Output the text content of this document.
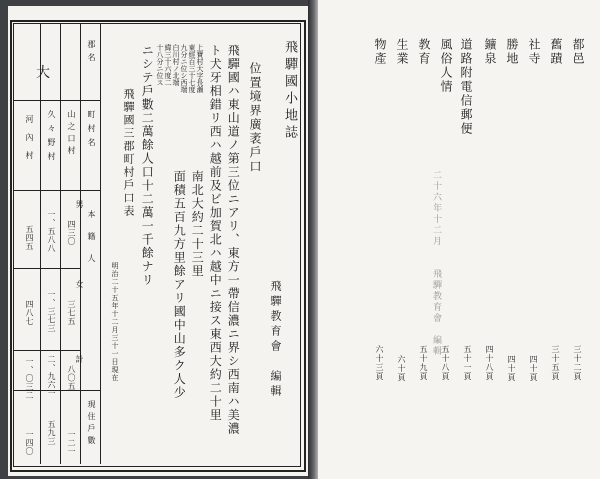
飛驒國小地誌
飛驒教育會　編輯
位置境界廣袤戶口
飛驒國ハ東山道ノ第三位ニアリ、東方一帶信濃ニ界シ西南ハ美濃
ト犬牙相錯リ西ハ越前及ビ加賀北ハ越中ニ接ス東西大約二十里
上寶村大字長瀨
東經百三十七度
九分ニ位シ西端
白川村ノ北端
緯三十六度二
十八分ニ位ス
南北大約二十三里
面積五百九方里餘アリ國中山多ク人少
ニシテ戶數二萬餘人口十二萬一千餘ナリ
飛驒國三郡町村戶口表
明治二十五年十二月三十一日現在
郡名
町村名
本籍人
現住戶數
男
女
計
大
山之口村
四三〇
三七五
八〇五
一二一
久々野村
一、五八八
一、三七三
二、九六一
五九三
河內村
五四五
四八七
一、〇三二
一四〇
二十六年十二月　　飛驒教育會　編輯
都邑
三十二頁
舊蹟
三十五頁
社寺
四十頁
勝地
四十頁
鑛泉
四十八頁
道路附電信郵便
五十一頁
風俗人情
五十八頁
教育
五十九頁
生業
六十頁
物產
六十三頁
